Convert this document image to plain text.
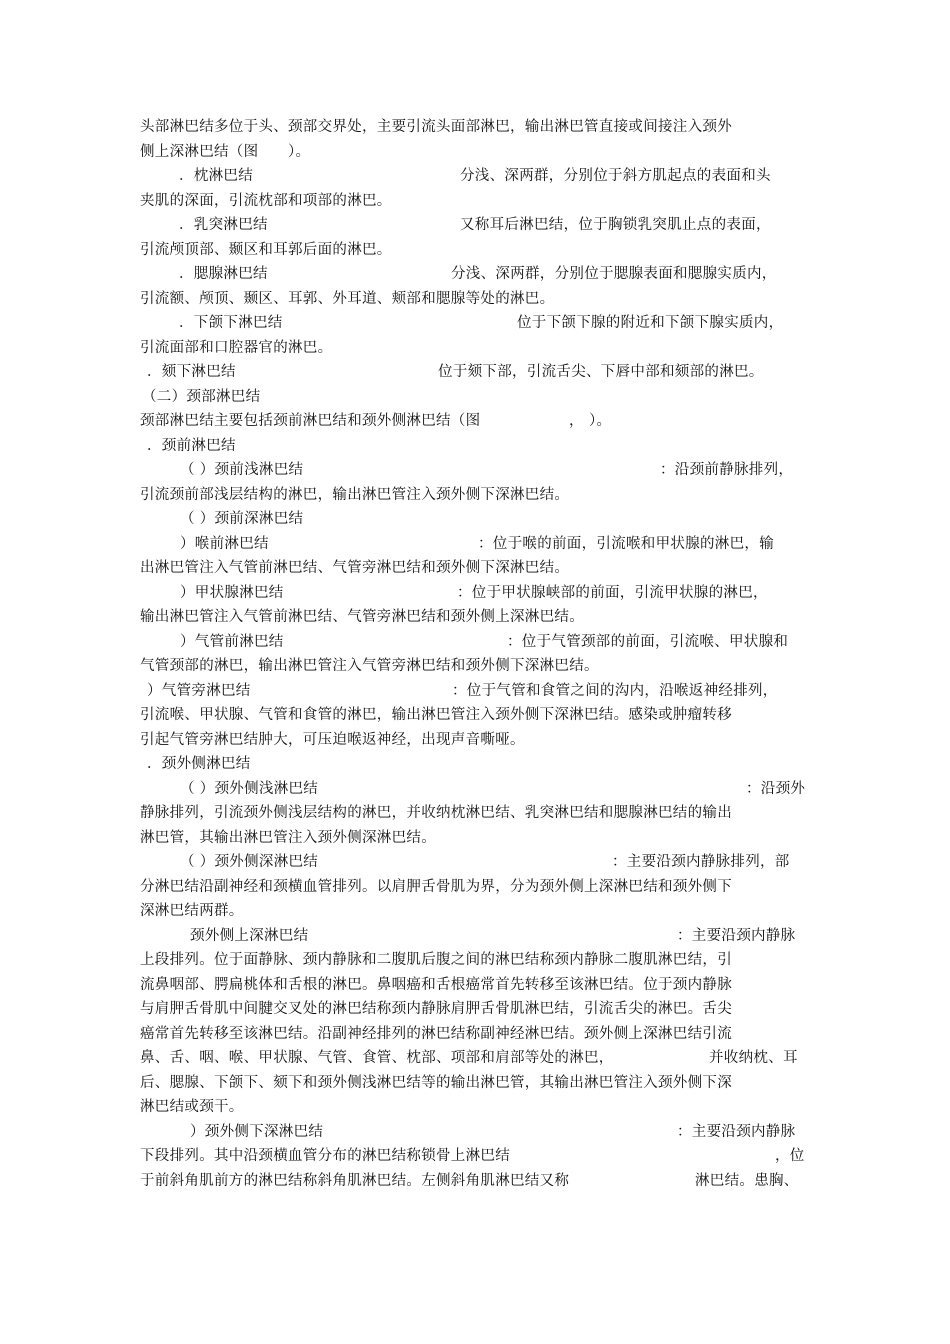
头部淋巴结多位于头、颈部交界处，主要引流头面部淋巴，输出淋巴管直接或间接注入颈外
侧上深淋巴结（图　　）。
．枕淋巴结	分浅、深两群，分别位于斜方肌起点的表面和头
夹肌的深面，引流枕部和项部的淋巴。
．乳突淋巴结	又称耳后淋巴结，位于胸锁乳突肌止点的表面，
引流颅顶部、颞区和耳郭后面的淋巴。
．腮腺淋巴结	分浅、深两群，分别位于腮腺表面和腮腺实质内，
引流额、颅顶、颞区、耳郭、外耳道、颊部和腮腺等处的淋巴。
．下颌下淋巴结	位于下颌下腺的附近和下颌下腺实质内，
引流面部和口腔器官的淋巴。
．颏下淋巴结	位于颏下部，引流舌尖、下唇中部和颏部的淋巴。
（二）颈部淋巴结
颈部淋巴结主要包括颈前淋巴结和颈外侧淋巴结（图	， ）。
．颈前淋巴结
（ ）颈前浅淋巴结	：沿颈前静脉排列，
引流颈前部浅层结构的淋巴，输出淋巴管注入颈外侧下深淋巴结。
（ ）颈前深淋巴结
）喉前淋巴结	：位于喉的前面，引流喉和甲状腺的淋巴，输
出淋巴管注入气管前淋巴结、气管旁淋巴结和颈外侧下深淋巴结。
）甲状腺淋巴结	：位于甲状腺峡部的前面，引流甲状腺的淋巴，
输出淋巴管注入气管前淋巴结、气管旁淋巴结和颈外侧上深淋巴结。
）气管前淋巴结	：位于气管颈部的前面，引流喉、甲状腺和
气管颈部的淋巴，输出淋巴管注入气管旁淋巴结和颈外侧下深淋巴结。
）气管旁淋巴结	：位于气管和食管之间的沟内，沿喉返神经排列，
引流喉、甲状腺、气管和食管的淋巴，输出淋巴管注入颈外侧下深淋巴结。感染或肿瘤转移
引起气管旁淋巴结肿大，可压迫喉返神经，出现声音嘶哑。
．颈外侧淋巴结
（ ）颈外侧浅淋巴结	：沿颈外
静脉排列，引流颈外侧浅层结构的淋巴，并收纳枕淋巴结、乳突淋巴结和腮腺淋巴结的输出
淋巴管，其输出淋巴管注入颈外侧深淋巴结。
（ ）颈外侧深淋巴结	：主要沿颈内静脉排列，部
分淋巴结沿副神经和颈横血管排列。以肩胛舌骨肌为界，分为颈外侧上深淋巴结和颈外侧下
深淋巴结两群。
颈外侧上深淋巴结	：主要沿颈内静脉
上段排列。位于面静脉、颈内静脉和二腹肌后腹之间的淋巴结称颈内静脉二腹肌淋巴结，引
流鼻咽部、腭扁桃体和舌根的淋巴。鼻咽癌和舌根癌常首先转移至该淋巴结。位于颈内静脉
与肩胛舌骨肌中间腱交叉处的淋巴结称颈内静脉肩胛舌骨肌淋巴结，引流舌尖的淋巴。舌尖
癌常首先转移至该淋巴结。沿副神经排列的淋巴结称副神经淋巴结。颈外侧上深淋巴结引流
鼻、舌、咽、喉、甲状腺、气管、食管、枕部、项部和肩部等处的淋巴，	并收纳枕、耳
后、腮腺、下颌下、颏下和颈外侧浅淋巴结等的输出淋巴管，其输出淋巴管注入颈外侧下深
淋巴结或颈干。
）颈外侧下深淋巴结	：主要沿颈内静脉
下段排列。其中沿颈横血管分布的淋巴结称锁骨上淋巴结	，位
于前斜角肌前方的淋巴结称斜角肌淋巴结。左侧斜角肌淋巴结又称	淋巴结。患胸、
